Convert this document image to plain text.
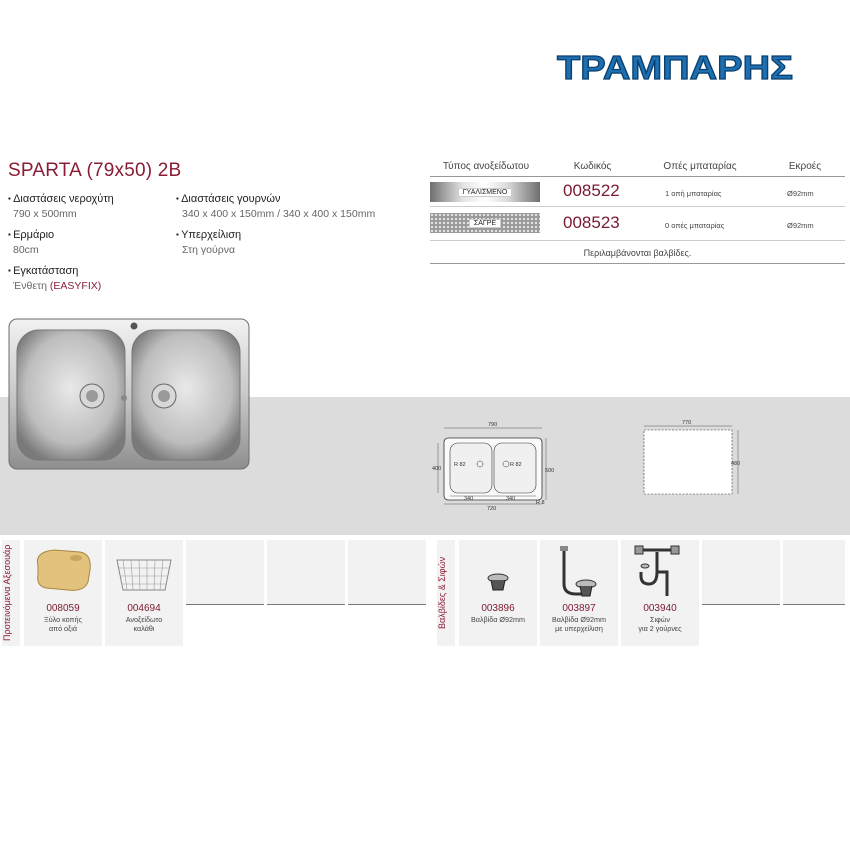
ΤΡΑΜΠΑΡΗΣ
SPARTA (79x50) 2B
▪ Διαστάσεις νεροχύτη
790 x 500mm
▪ Διαστάσεις γουρνών
340 x 400 x 150mm / 340 x 400 x 150mm
▪ Ερμάριο
80cm
▪ Υπερχείλιση
Στη γούρνα
▪ Εγκατάσταση
Ένθετη (EASYFIX)
Τύπος ανοξείδωτου	Κωδικός	Οπές μπαταρίας	Εκροές
ΓΥΑΛΙΣΜΕΝΟ	008522	1 οπή μπαταρίας	Ø92mm
ΣΑΓΡΕ	008523	0 οπές μπαταρίας	Ø92mm
Περιλαμβάνονται βαλβίδες.
790
400	500
R 82	R 82
340	340
720
R 8
770
480
Προτεινόμενα Αξεσουάρ	008059
Ξύλο κοπής
από οξιά
004694
Ανοξείδωτο
καλάθι	Βαλβίδες & Σιφών	003896
Βαλβίδα Ø92mm
003897
Βαλβίδα Ø92mm
με υπερχείλιση
003940
Σιφών
για 2 γούρνες
